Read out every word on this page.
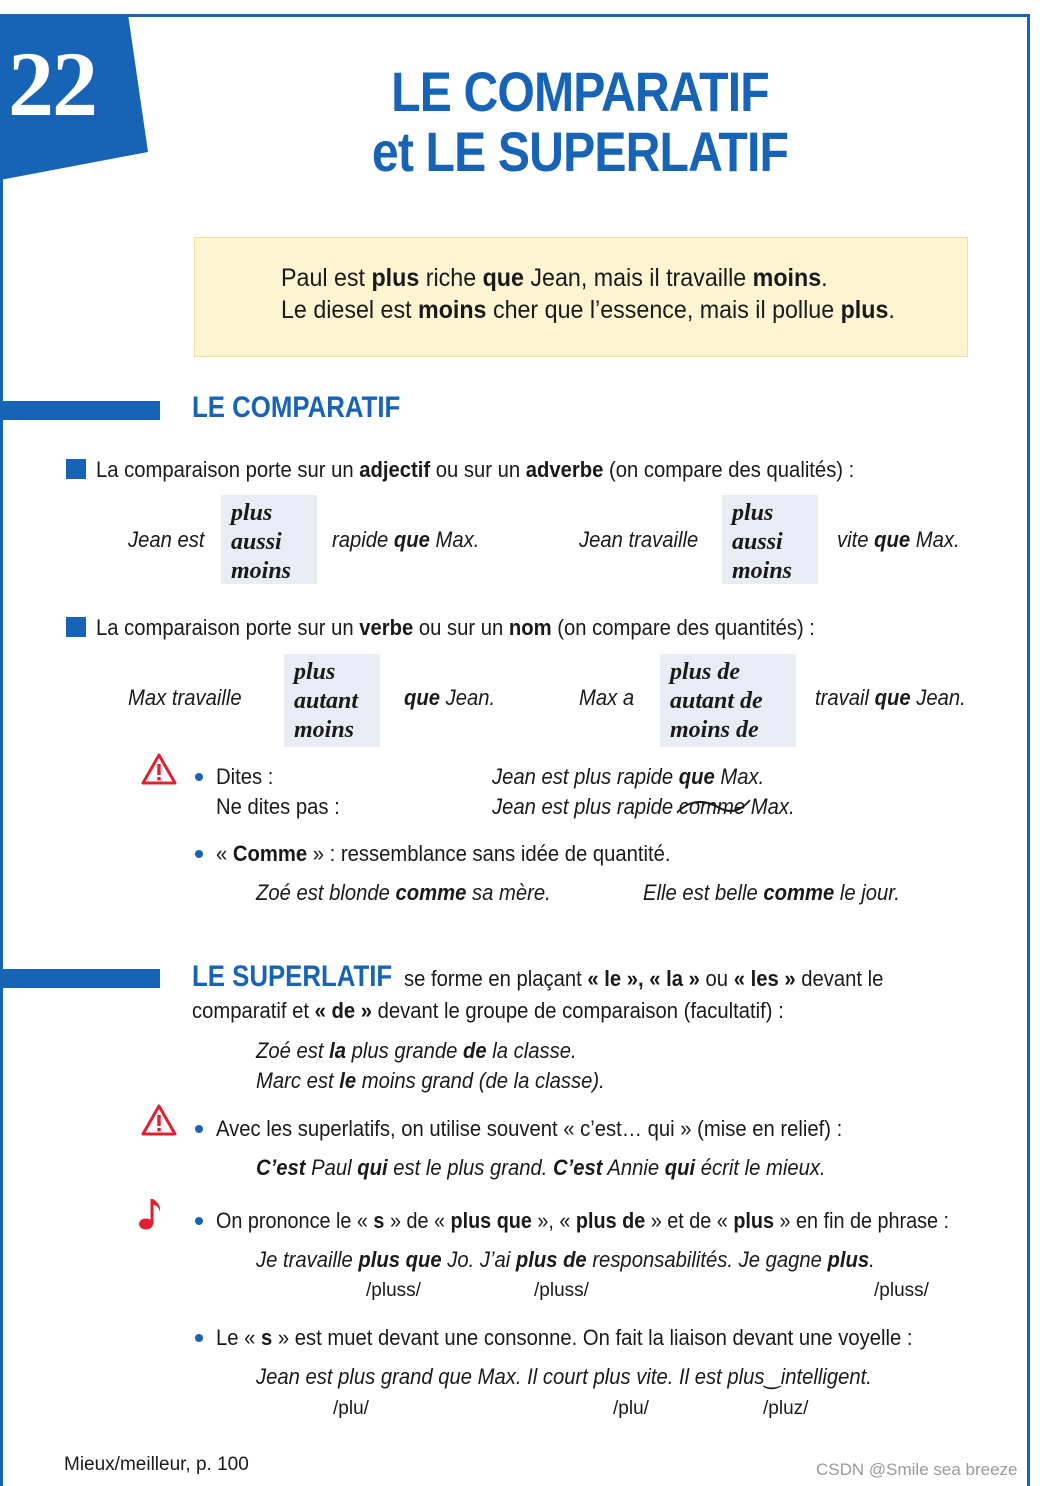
22	LE COMPARATIF
et LE SUPERLATIF
Paul est plus riche que Jean, mais il travaille moins.
Le diesel est moins cher que l’essence, mais il pollue plus.
LE COMPARATIF
La comparaison porte sur un adjectif ou sur un adverbe (on compare des qualités) :
Jean est
plus
aussi
moins
rapide que Max.	Jean travaille
plus
aussi
moins
vite que Max.
La comparaison porte sur un verbe ou sur un nom (on compare des quantités) :
Max travaille
plus
autant
moins
que Jean.	Max a
plus de
autant de
moins de
travail que Jean.
Dites :
Ne dites pas :
Jean est plus rapide que Max.
Jean est plus rapide comme
Max.
« Comme » : ressemblance sans idée de quantité.
Zoé est blonde comme sa mère.	Elle est belle comme le jour.
LE SUPERLATIF se forme en plaçant « le », « la » ou « les » devant le
comparatif et « de » devant le groupe de comparaison (facultatif) :
Zoé est la plus grande de la classe.
Marc est le moins grand (de la classe).
Avec les superlatifs, on utilise souvent « c’est… qui » (mise en relief) :
C’est Paul qui est le plus grand. C’est Annie qui écrit le mieux.
On prononce le « s » de « plus que », « plus de » et de « plus » en fin de phrase :
Je travaille plus que Jo. J’ai plus de responsabilités. Je gagne plus.
/pluss/	/pluss/	/pluss/
Le « s » est muet devant une consonne. On fait la liaison devant une voyelle :
Jean est plus grand que Max. Il court plus vite. Il est plus‿intelligent.
/plu/	/plu/	/pluz/
Mieux/meilleur, p. 100	CSDN @Smile sea breeze
